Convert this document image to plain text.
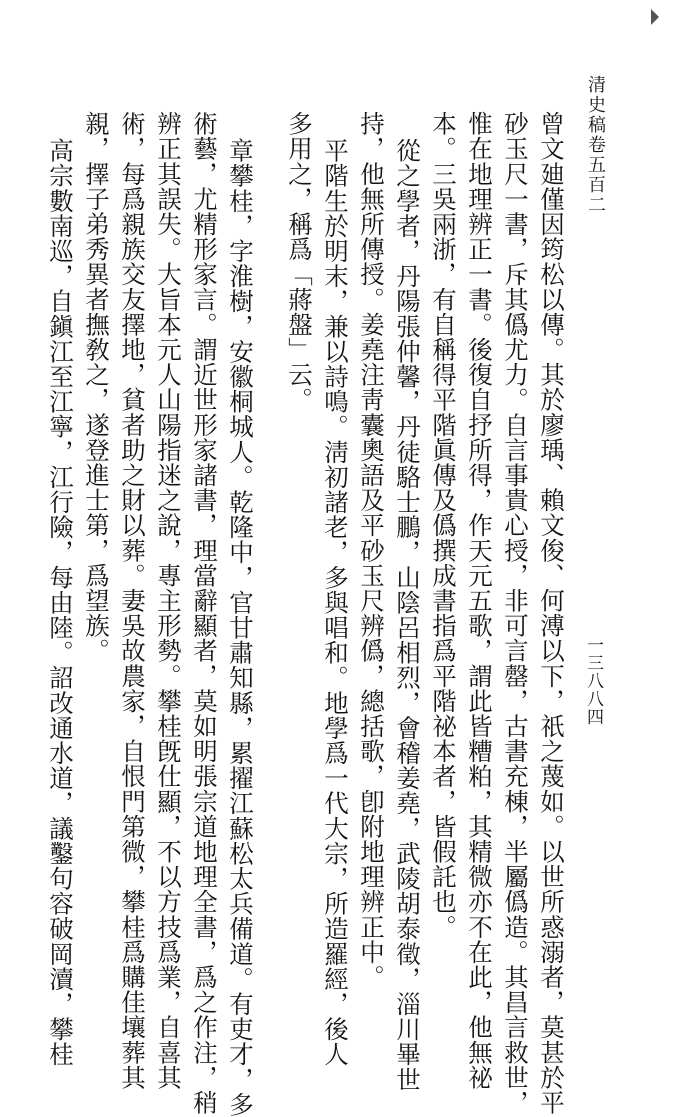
清史稿卷五百二
一三八八四
曾文廸僅因筠松以傳。其於廖瑀、賴文俊、何溥以下，祇之蔑如。以世所惑溺者，莫甚於平
砂玉尺一書，斥其僞尤力。自言事貴心授，非可言罄，古書充棟，半屬僞造。其昌言救世，
惟在地理辨正一書。後復自抒所得，作天元五歌，謂此皆糟粕，其精微亦不在此，他無祕
本。三吳兩浙，有自稱得平階眞傳及僞撰成書指爲平階祕本者，皆假託也。
從之學者，丹陽張仲馨，丹徒駱士鵬，山陰呂相烈，會稽姜堯，武陵胡泰徵，淄川畢世
持，他無所傳授。姜堯注靑囊奧語及平砂玉尺辨僞，總括歌，卽附地理辨正中。
平階生於明末，兼以詩鳴。淸初諸老，多與唱和。地學爲一代大宗，所造羅經，後人
多用之，稱爲「蔣盤」云。
章攀桂，字淮樹，安徽桐城人。乾隆中，官甘肅知縣，累擢江蘇松太兵備道。有吏才，多
術藝，尤精形家言。謂近世形家諸書，理當辭顯者，莫如明張宗道地理全書，爲之作注，稍
辨正其誤失。大旨本元人山陽指迷之說，專主形勢。攀桂旣仕顯，不以方技爲業，自喜其
術，每爲親族交友擇地，貧者助之財以葬。妻吳故農家，自恨門第微，攀桂爲購佳壤葬其
親，擇子弟秀異者撫敎之，遂登進士第，爲望族。
高宗數南巡，自鎭江至江寧，江行險，每由陸。詔改通水道，議鑿句容破岡瀆，攀桂
